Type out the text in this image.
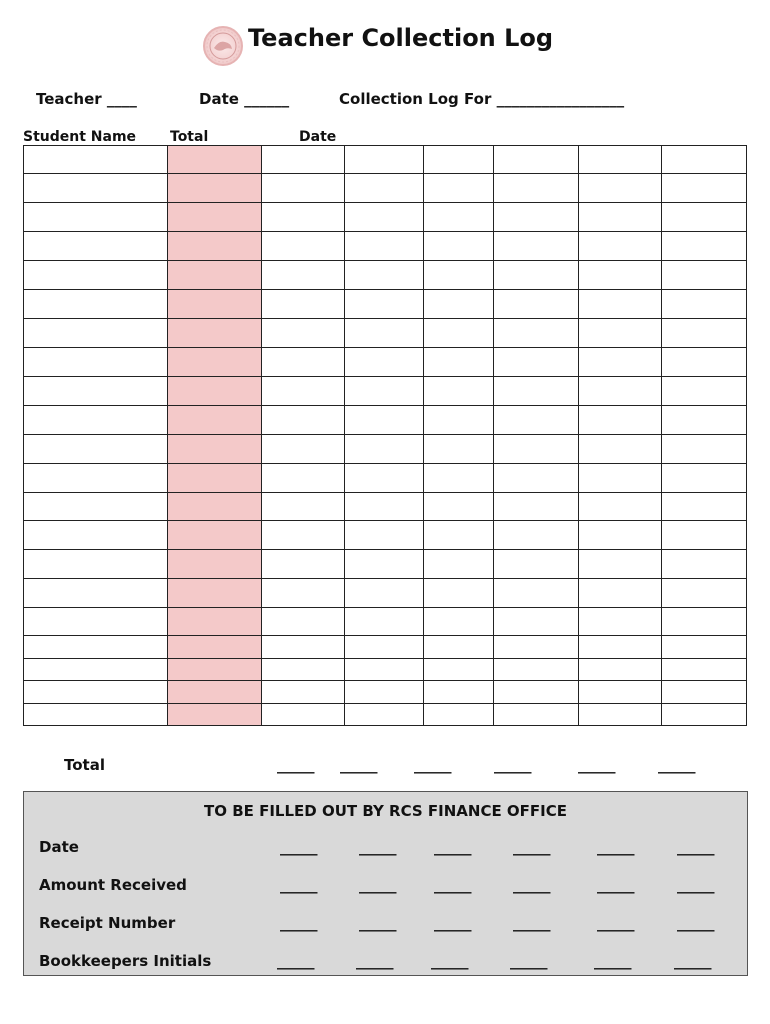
Teacher Collection Log
Teacher ____	Date ______	Collection Log For _________________
Student Name Total	Date

Total	_____ _____ _____	_____	_____	_____
TO BE FILLED OUT BY RCS FINANCE OFFICE
Date	_____	_____	_____	_____	_____	_____
Amount Received	_____	_____	_____	_____	_____	_____
Receipt Number	_____	_____	_____	_____	_____	_____
Bookkeepers Initials	_____	_____	_____	_____	_____	_____
